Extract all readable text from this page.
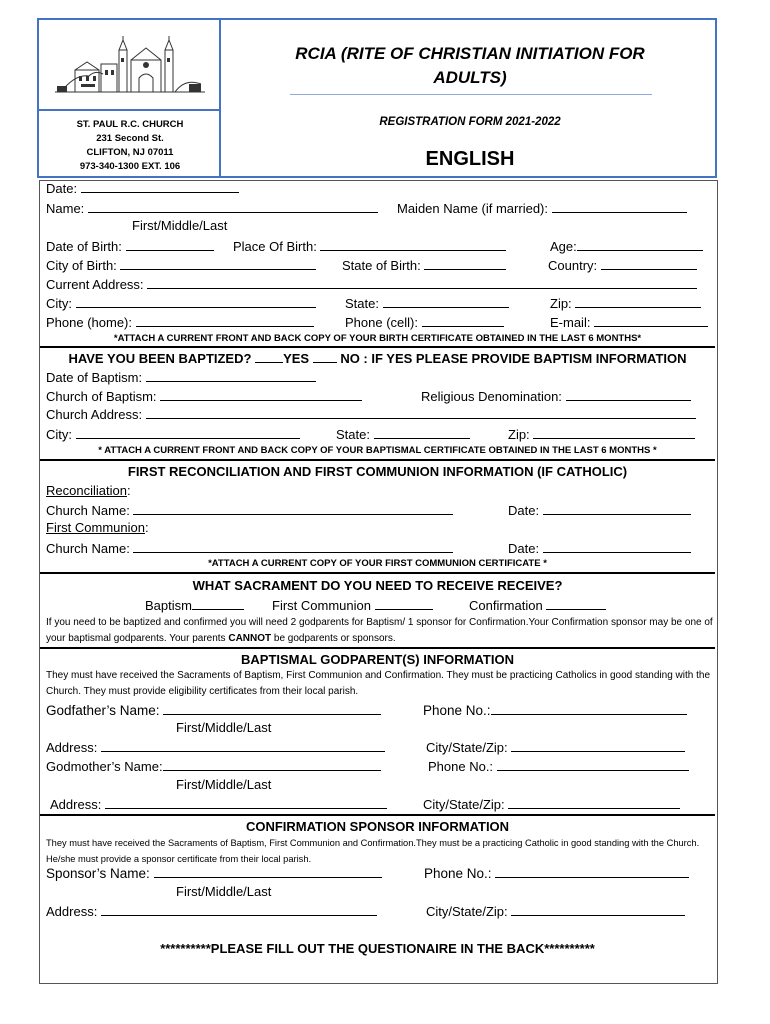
ST. PAUL R.C. CHURCH
231 Second St.
CLIFTON, NJ 07011
973-340-1300 EXT. 106
RCIA (RITE OF CHRISTIAN INITIATION FOR
ADULTS)
REGISTRATION FORM 2021-2022
ENGLISH
Date:
Name:	Maiden Name (if married):
First/Middle/Last
Date of Birth:	Place Of Birth:	Age:
City of Birth:	State of Birth:	Country:
Current Address:
City:	State:	Zip:
Phone (home):	Phone (cell):	E-mail:
*ATTACH A CURRENT FRONT AND BACK COPY OF YOUR BIRTH CERTIFICATE OBTAINED IN THE LAST 6 MONTHS*
HAVE YOU BEEN BAPTIZED? YES  NO : IF YES PLEASE PROVIDE BAPTISM INFORMATION
Date of Baptism:
Church of Baptism:	Religious Denomination:
Church Address:
City:	State:	Zip:
* ATTACH A CURRENT FRONT AND BACK COPY OF YOUR BAPTISMAL CERTIFICATE OBTAINED IN THE LAST 6 MONTHS *
FIRST RECONCILIATION AND FIRST COMMUNION INFORMATION (IF CATHOLIC)
Reconciliation:
Church Name:	Date:
First Communion:
Church Name:	Date:
*ATTACH A CURRENT COPY OF YOUR FIRST COMMUNION CERTIFICATE *
WHAT SACRAMENT DO YOU NEED TO RECEIVE RECEIVE?
Baptism	First Communion	Confirmation
If you need to be baptized and confirmed you will need 2 godparents for Baptism/ 1 sponsor for Confirmation.Your Confirmation sponsor may be one of your baptismal godparents. Your parents CANNOT be godparents or sponsors.
BAPTISMAL GODPARENT(S) INFORMATION
They must have received the Sacraments of Baptism, First Communion and Confirmation. They must be practicing Catholics in good standing with the Church. They must provide eligibility certificates from their local parish.
Godfather’s Name:	Phone No.:
First/Middle/Last
Address:	City/State/Zip:
Godmother’s Name:	Phone No.:
First/Middle/Last
Address:	City/State/Zip:
CONFIRMATION SPONSOR INFORMATION
They must have received the Sacraments of Baptism, First Communion and Confirmation.They must be a practicing Catholic in good standing with the Church. He/she must provide a sponsor certificate from their local parish.
Sponsor’s Name:	Phone No.:
First/Middle/Last
Address:	City/State/Zip:
**********PLEASE FILL OUT THE QUESTIONAIRE IN THE BACK**********
